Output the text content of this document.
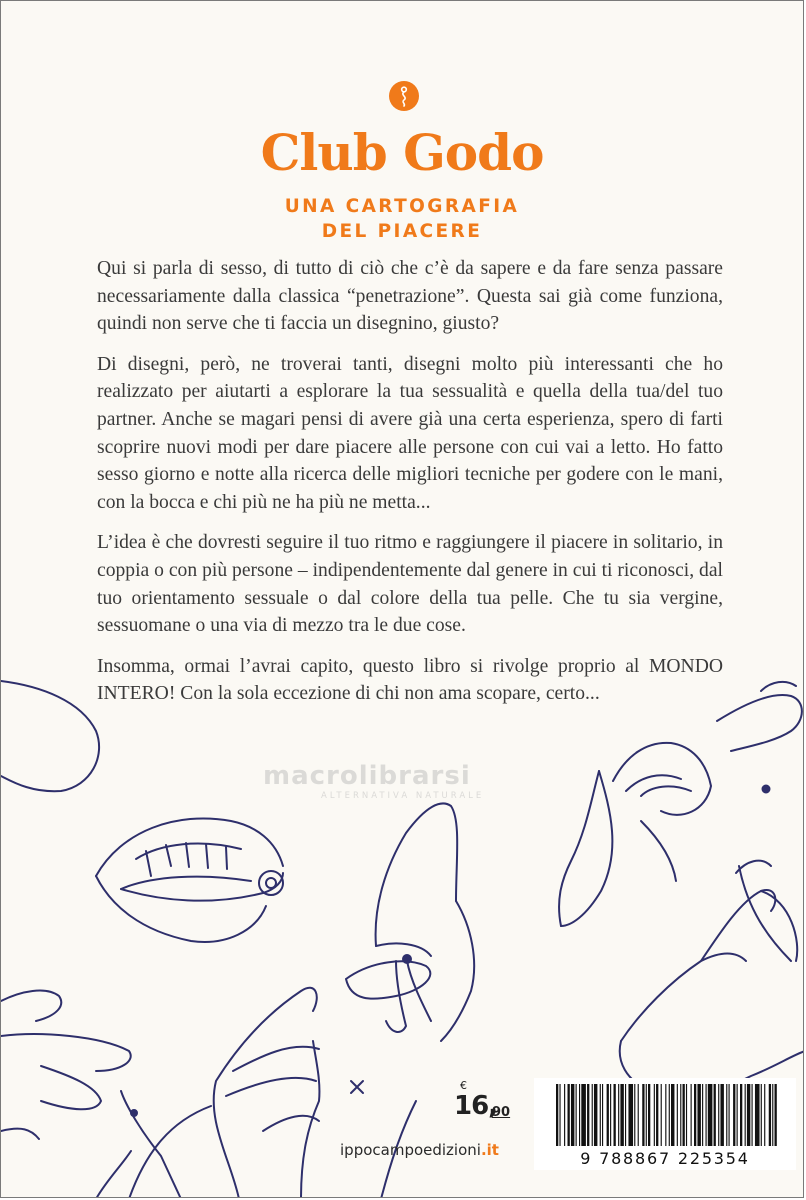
Club Godo
UNA CARTOGRAFIA
DEL PIACERE

Qui si parla di sesso, di tutto di ciò che c’è da sapere e da fare senza passare necessariamente dalla classica “penetrazione”. Questa sai già come funziona, quindi non serve che ti faccia un disegnino, giusto?

Di disegni, però, ne troverai tanti, disegni molto più interessanti che ho realizzato per aiutarti a esplorare la tua sessualità e quella della tua/del tuo partner. Anche se magari pensi di avere già una certa esperienza, spero di farti scoprire nuovi modi per dare piacere alle persone con cui vai a letto. Ho fatto sesso giorno e notte alla ricerca delle migliori tecniche per godere con le mani, con la bocca e chi più ne ha più ne metta...

L’idea è che dovresti seguire il tuo ritmo e raggiungere il piacere in solitario, in coppia o con più persone – indipendentemente dal genere in cui ti riconosci, dal tuo orientamento sessuale o dal colore della tua pelle. Che tu sia vergine, sessuomane o una via di mezzo tra le due cose.

Insomma, ormai l’avrai capito, questo libro si rivolge proprio al MONDO INTERO! Con la sola eccezione di chi non ama scopare, certo...

macrolibrarsi
ALTERNATIVA NATURALE
€
16,
90
ippocampoedizioni.it	9 788867 225354
